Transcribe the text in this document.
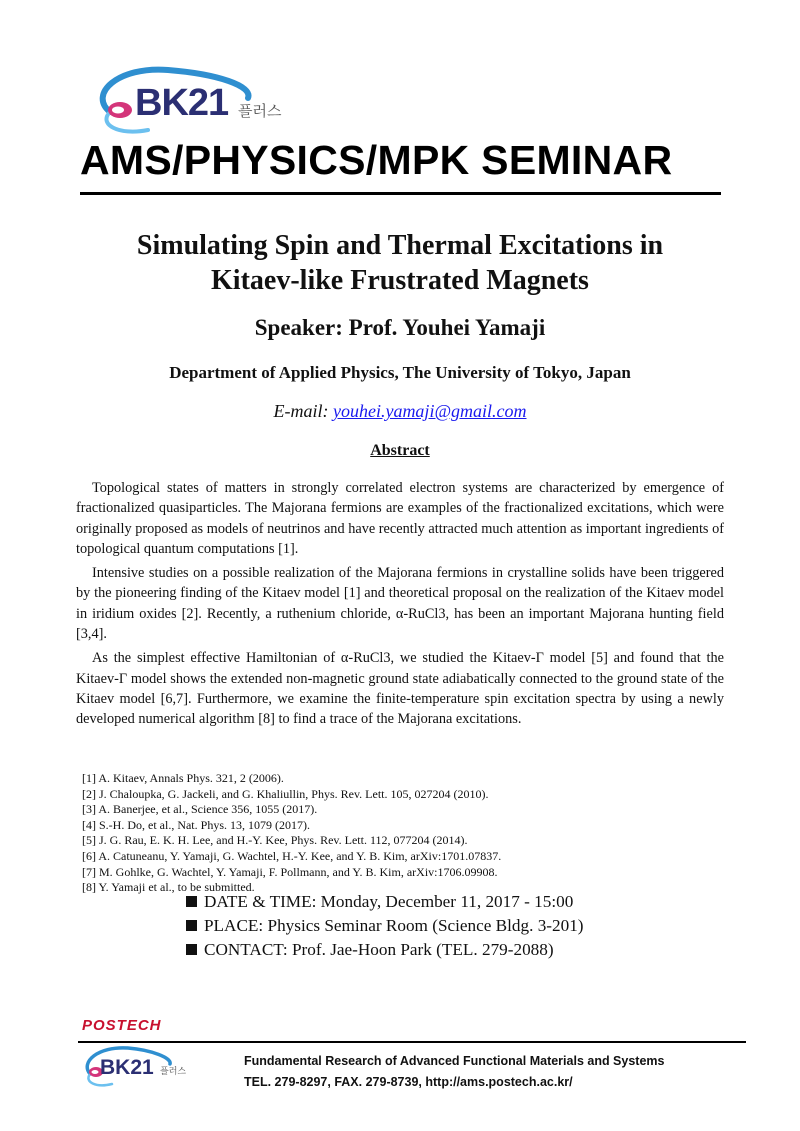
BK21 플러스
AMS/PHYSICS/MPK SEMINAR
Simulating Spin and Thermal Excitations in
Kitaev-like Frustrated Magnets
Speaker: Prof. Youhei Yamaji
Department of Applied Physics, The University of Tokyo, Japan
E-mail: youhei.yamaji@gmail.com
Abstract

Topological states of matters in strongly correlated electron systems are characterized by emergence of fractionalized quasiparticles. The Majorana fermions are examples of the fractionalized excitations, which were originally proposed as models of neutrinos and have recently attracted much attention as important ingredients of topological quantum computations [1].

Intensive studies on a possible realization of the Majorana fermions in crystalline solids have been triggered by the pioneering finding of the Kitaev model [1] and theoretical proposal on the realization of the Kitaev model in iridium oxides [2]. Recently, a ruthenium chloride, α-RuCl3, has been an important Majorana hunting field [3,4].

As the simplest effective Hamiltonian of α-RuCl3, we studied the Kitaev-Γ model [5] and found that the Kitaev-Γ model shows the extended non-magnetic ground state adiabatically connected to the ground state of the Kitaev model [6,7]. Furthermore, we examine the finite-temperature spin excitation spectra by using a newly developed numerical algorithm [8] to find a trace of the Majorana excitations.

[1] A. Kitaev, Annals Phys. 321, 2 (2006).
[2] J. Chaloupka, G. Jackeli, and G. Khaliullin, Phys. Rev. Lett. 105, 027204 (2010).
[3] A. Banerjee, et al., Science 356, 1055 (2017).
[4] S.-H. Do, et al., Nat. Phys. 13, 1079 (2017).
[5] J. G. Rau, E. K. H. Lee, and H.-Y. Kee, Phys. Rev. Lett. 112, 077204 (2014).
[6] A. Catuneanu, Y. Yamaji, G. Wachtel, H.-Y. Kee, and Y. B. Kim, arXiv:1701.07837.
[7] M. Gohlke, G. Wachtel, Y. Yamaji, F. Pollmann, and Y. B. Kim, arXiv:1706.09908.
[8] Y. Yamaji et al., to be submitted.
DATE & TIME: Monday, December 11, 2017 - 15:00
PLACE: Physics Seminar Room (Science Bldg. 3-201)
CONTACT: Prof. Jae-Hoon Park (TEL. 279-2088)
POSTECH
BK21 플러스
Fundamental Research of Advanced Functional Materials and Systems
TEL. 279-8297, FAX. 279-8739, http://ams.postech.ac.kr/
